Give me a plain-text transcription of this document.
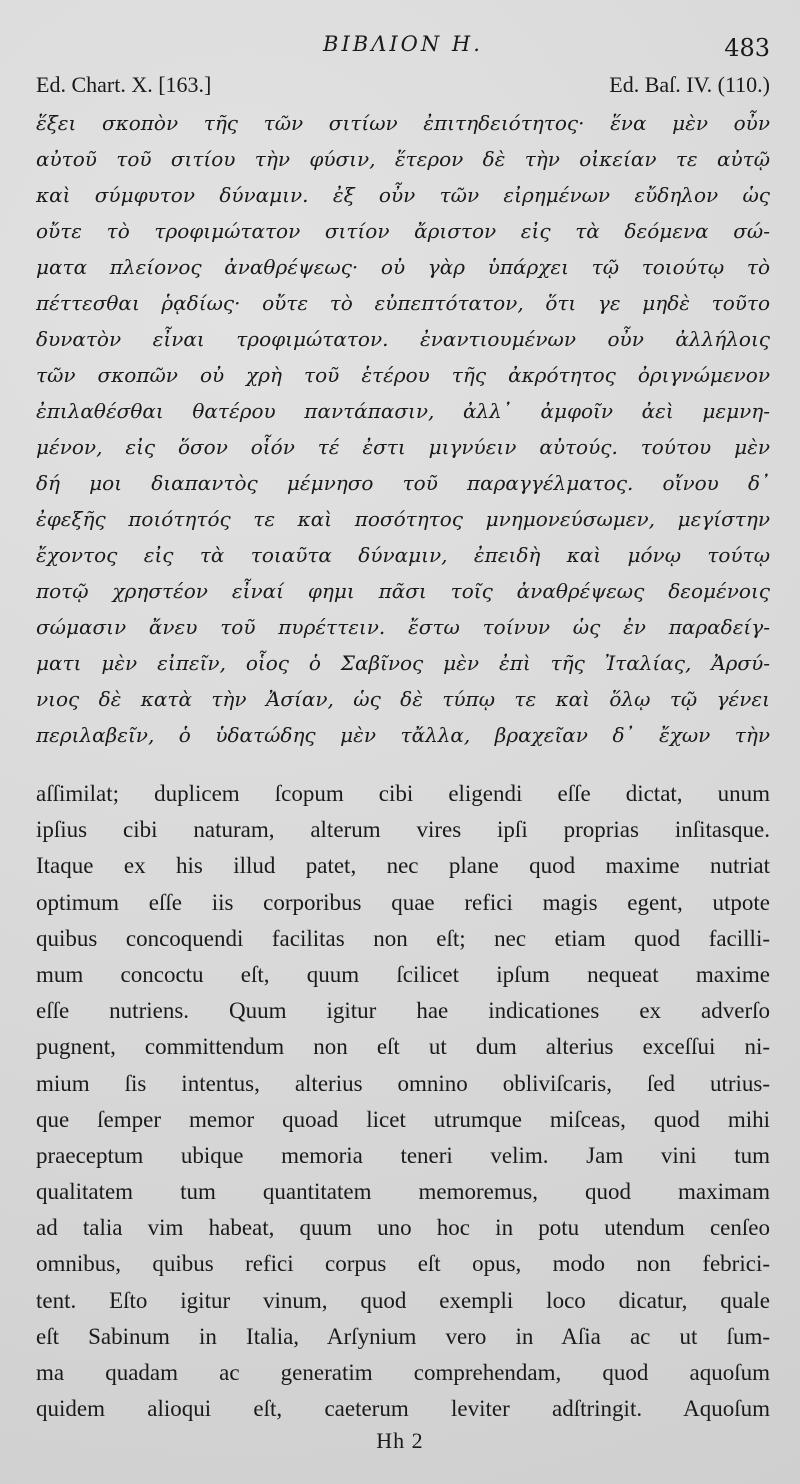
ΒΙΒΛΙΟΝ Η.	483
Ed. Chart. X. [163.]	Ed. Baſ. IV. (110.)
ἕξει σκοπὸν τῆς τῶν σιτίων ἐπιτηδειότητος· ἕνα μὲν οὖν
αὐτοῦ τοῦ σιτίου τὴν φύσιν, ἕτερον δὲ τὴν οἰκείαν τε αὐτῷ
καὶ σύμφυτον δύναμιν. ἐξ οὖν τῶν εἰρημένων εὔδηλον ὡς
οὔτε τὸ τροφιμώτατον σιτίον ἄριστον εἰς τὰ δεόμενα σώ-
ματα πλείονος ἀναθρέψεως· οὐ γὰρ ὑπάρχει τῷ τοιούτῳ τὸ
πέττεσθαι ῥᾳδίως· οὔτε τὸ εὐπεπτότατον, ὅτι γε μηδὲ τοῦτο
δυνατὸν εἶναι τροφιμώτατον. ἐναντιουμένων οὖν ἀλλήλοις
τῶν σκοπῶν οὐ χρὴ τοῦ ἑτέρου τῆς ἀκρότητος ὀριγνώμενον
ἐπιλαθέσθαι θατέρου παντάπασιν, ἀλλ᾽ ἀμφοῖν ἀεὶ μεμνη-
μένον, εἰς ὅσον οἷόν τέ ἐστι μιγνύειν αὐτούς. τούτου μὲν
δή μοι διαπαντὸς μέμνησο τοῦ παραγγέλματος. οἴνου δ᾽
ἐφεξῆς ποιότητός τε καὶ ποσότητος μνημονεύσωμεν, μεγίστην
ἔχοντος εἰς τὰ τοιαῦτα δύναμιν, ἐπειδὴ καὶ μόνῳ τούτῳ
ποτῷ χρηστέον εἶναί φημι πᾶσι τοῖς ἀναθρέψεως δεομένοις
σώμασιν ἄνευ τοῦ πυρέττειν. ἔστω τοίνυν ὡς ἐν παραδείγ-
ματι μὲν εἰπεῖν, οἷος ὁ Σαβῖνος μὲν ἐπὶ τῆς Ἰταλίας, Ἀρσύ-
νιος δὲ κατὰ τὴν Ἀσίαν, ὡς δὲ τύπῳ τε καὶ ὅλῳ τῷ γένει
περιλαβεῖν, ὁ ὑδατώδης μὲν τἄλλα, βραχεῖαν δ᾽ ἔχων τὴν
aſſimilat; duplicem ſcopum cibi eligendi eſſe dictat, unum
ipſius cibi naturam, alterum vires ipſi proprias inſitasque.
Itaque ex his illud patet, nec plane quod maxime nutriat
optimum eſſe iis corporibus quae refici magis egent, utpote
quibus concoquendi facilitas non eſt; nec etiam quod facilli-
mum concoctu eſt, quum ſcilicet ipſum nequeat maxime
eſſe nutriens. Quum igitur hae indicationes ex adverſo
pugnent, committendum non eſt ut dum alterius exceſſui ni-
mium ſis intentus, alterius omnino obliviſcaris, ſed utrius-
que ſemper memor quoad licet utrumque miſceas, quod mihi
praeceptum ubique memoria teneri velim. Jam vini tum
qualitatem tum quantitatem memoremus, quod maximam
ad talia vim habeat, quum uno hoc in potu utendum cenſeo
omnibus, quibus refici corpus eſt opus, modo non febrici-
tent. Eſto igitur vinum, quod exempli loco dicatur, quale
eſt Sabinum in Italia, Arſynium vero in Aſia ac ut ſum-
ma quadam ac generatim comprehendam, quod aquoſum
quidem alioqui eſt, caeterum leviter adſtringit. Aquoſum
Hh 2
